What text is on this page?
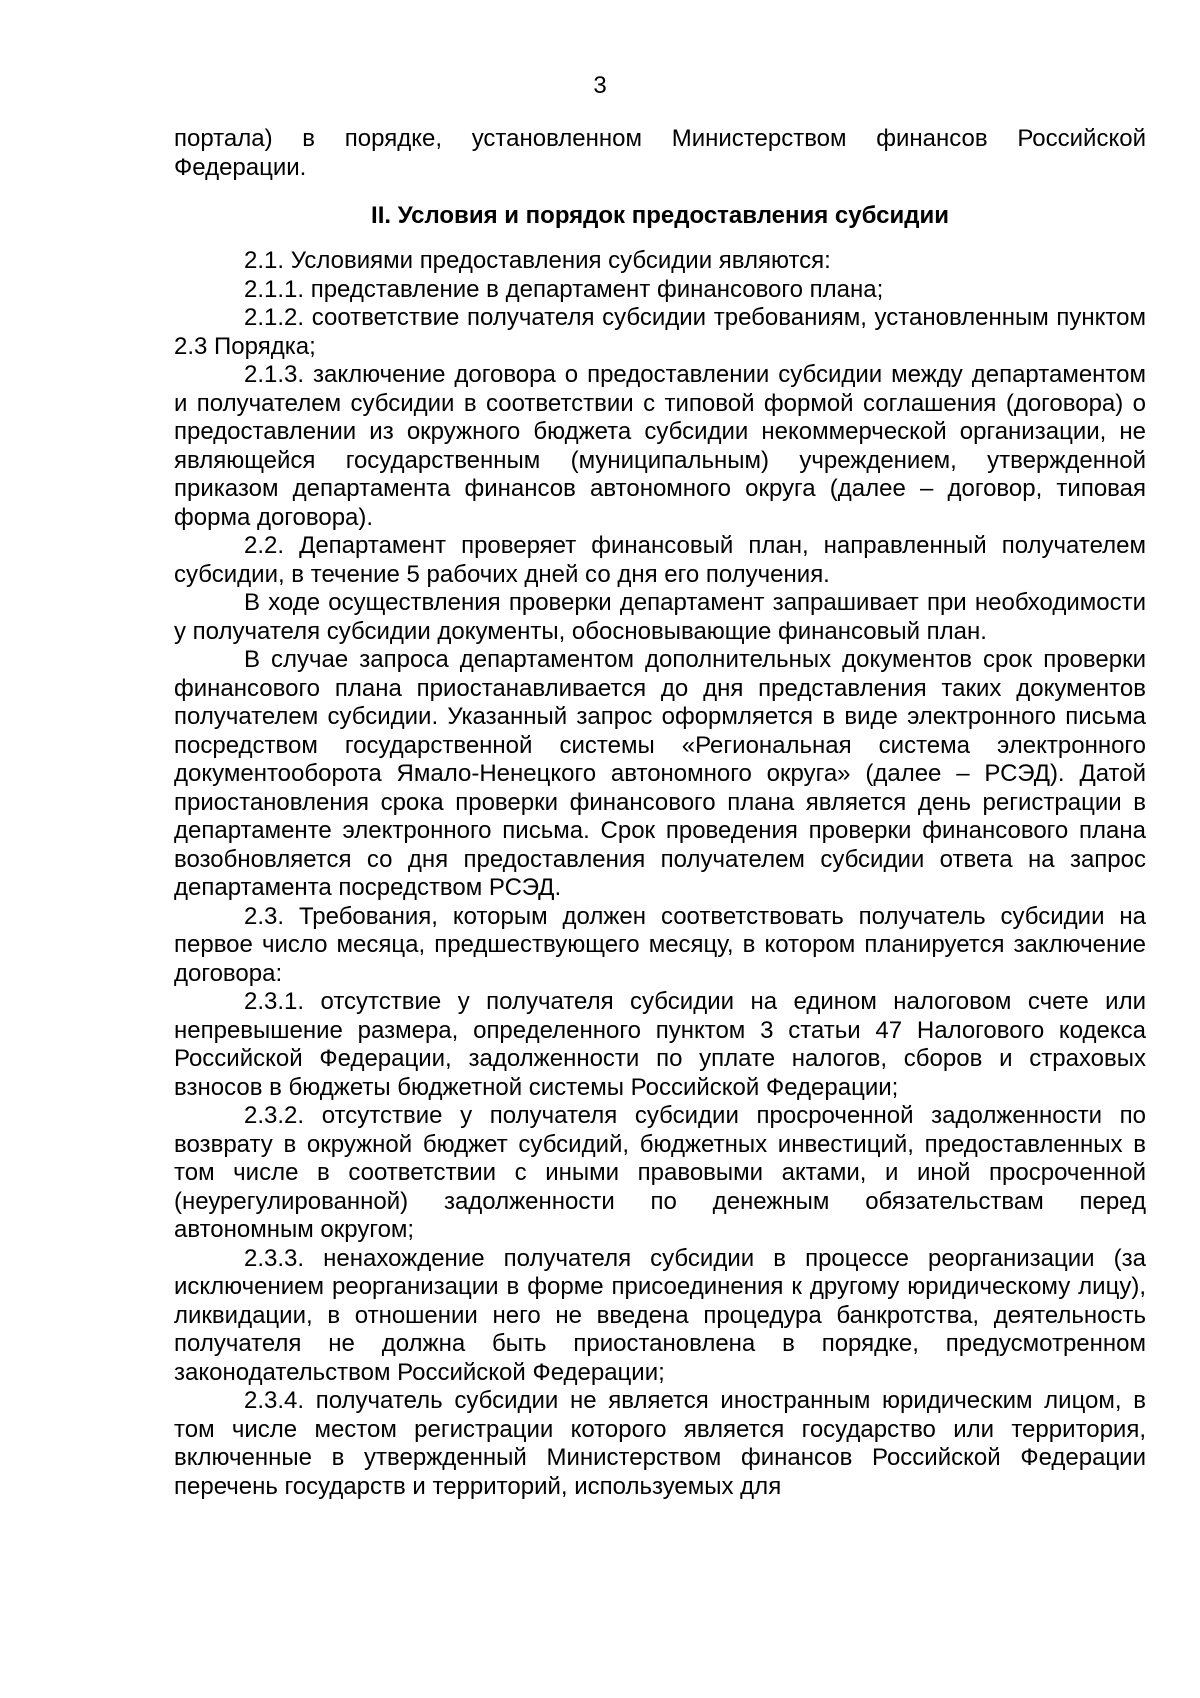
3

портала) в порядке, установленном Министерством финансов Российской Федерации.

II. Условия и порядок предоставления субсидии

2.1. Условиями предоставления субсидии являются:

2.1.1. представление в департамент финансового плана;

2.1.2. соответствие получателя субсидии требованиям, установленным пунктом 2.3 Порядка;

2.1.3. заключение договора о предоставлении субсидии между департаментом и получателем субсидии в соответствии с типовой формой соглашения (договора) о предоставлении из окружного бюджета субсидии некоммерческой организации, не являющейся государственным (муниципальным) учреждением, утвержденной приказом департамента финансов автономного округа (далее – договор, типовая форма договора).

2.2. Департамент проверяет финансовый план, направленный получателем субсидии, в течение 5 рабочих дней со дня его получения.

В ходе осуществления проверки департамент запрашивает при необходимости у получателя субсидии документы, обосновывающие финансовый план.

В случае запроса департаментом дополнительных документов срок проверки финансового плана приостанавливается до дня представления таких документов получателем субсидии. Указанный запрос оформляется в виде электронного письма посредством государственной системы «Региональная система электронного документооборота Ямало-Ненецкого автономного округа» (далее – РСЭД). Датой приостановления срока проверки финансового плана является день регистрации в департаменте электронного письма. Срок проведения проверки финансового плана возобновляется со дня предоставления получателем субсидии ответа на запрос департамента посредством РСЭД.

2.3. Требования, которым должен соответствовать получатель субсидии на первое число месяца, предшествующего месяцу, в котором планируется заключение договора:

2.3.1. отсутствие у получателя субсидии на едином налоговом счете или непревышение размера, определенного пунктом 3 статьи 47 Налогового кодекса Российской Федерации, задолженности по уплате налогов, сборов и страховых взносов в бюджеты бюджетной системы Российской Федерации;

2.3.2. отсутствие у получателя субсидии просроченной задолженности по возврату в окружной бюджет субсидий, бюджетных инвестиций, предоставленных в том числе в соответствии с иными правовыми актами, и иной просроченной (неурегулированной) задолженности по денежным обязательствам перед автономным округом;

2.3.3. ненахождение получателя субсидии в процессе реорганизации (за исключением реорганизации в форме присоединения к другому юридическому лицу), ликвидации, в отношении него не введена процедура банкротства, деятельность получателя не должна быть приостановлена в порядке, предусмотренном законодательством Российской Федерации;

2.3.4. получатель субсидии не является иностранным юридическим лицом, в том числе местом регистрации которого является государство или территория, включенные в утвержденный Министерством финансов Российской Федерации перечень государств и территорий, используемых для
